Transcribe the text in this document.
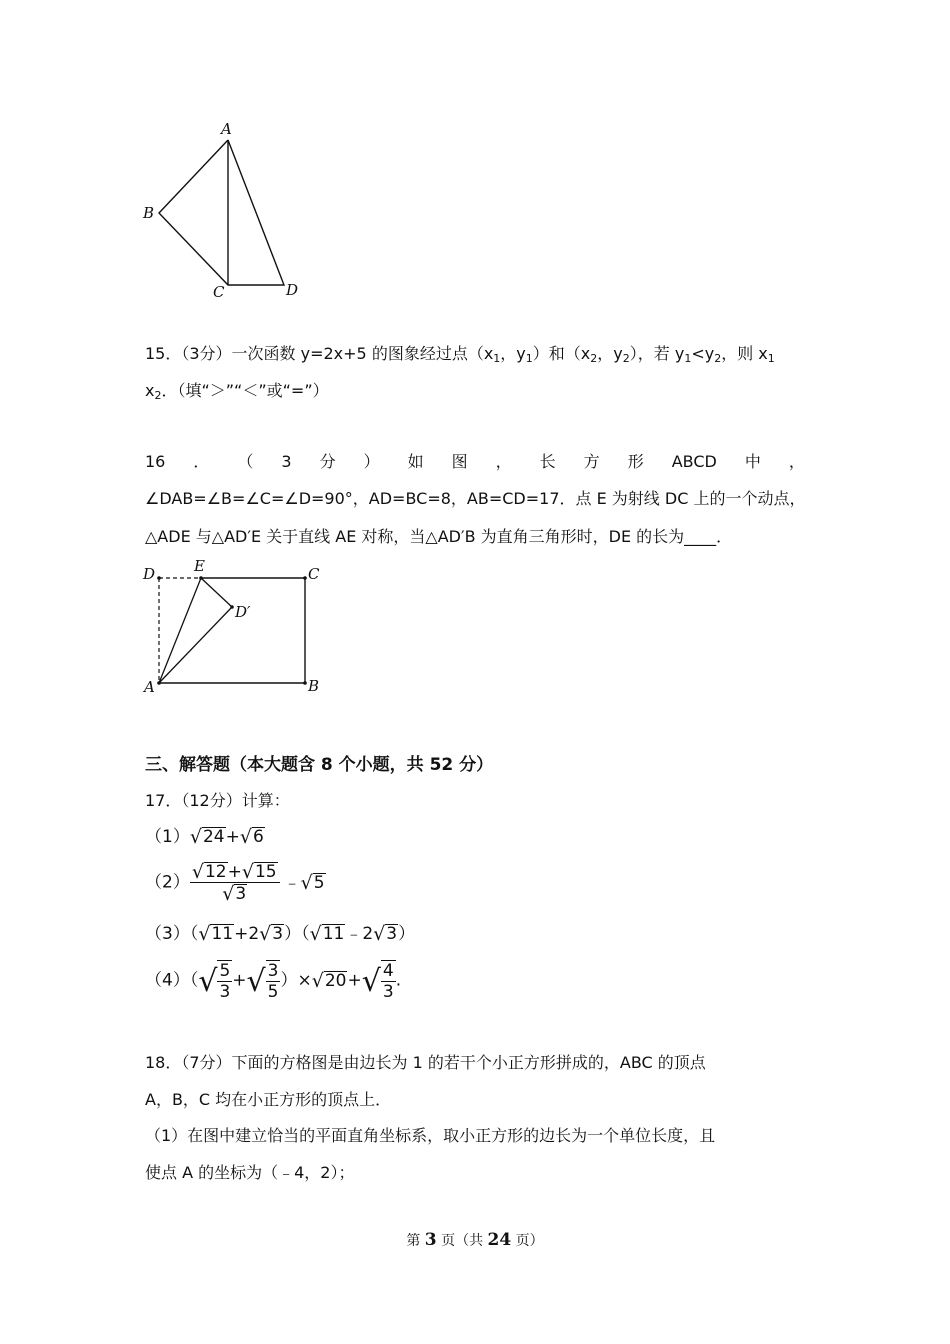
A
B
C	D
15．（3分）一次函数 y=2x+5 的图象经过点（$x_1$，$y_1$）和（$x_2$，$y_2$），若 $y_1<y_2$，则 $x_1$
$x_2$．（填“＞”“＜”或“=”）
16 ． （ 3 分 ） 如 图 ， 长 方 形 ABCD 中 ，
∠DAB=∠B=∠C=∠D=90°，AD=BC=8，AB=CD=17．点 E 为射线 DC 上的一个动点，
△ADE 与△AD′E 关于直线 AE 对称，当△AD′B 为直角三角形时，DE 的长为____．
D	E	C
D′
A	B
三、解答题（本大题含 8 个小题，共 52 分）
17．（12分）计算：
（1）√24+√6
$(2) \frac{√12+√15}{√3}$ ﹣√5
（3）（√11+2√3）（√11﹣2√3）
$(4)(√ \frac{5}{3}$ +√ $\frac{3}{5} )\times√20+√ \frac{4}{3}$ .
18．（7分）下面的方格图是由边长为 1 的若干个小正方形拼成的，ABC 的顶点
A，B，C 均在小正方形的顶点上．
（1）在图中建立恰当的平面直角坐标系，取小正方形的边长为一个单位长度，且
使点 A 的坐标为（﹣4，2）；
第 3 页（共 24 页）
